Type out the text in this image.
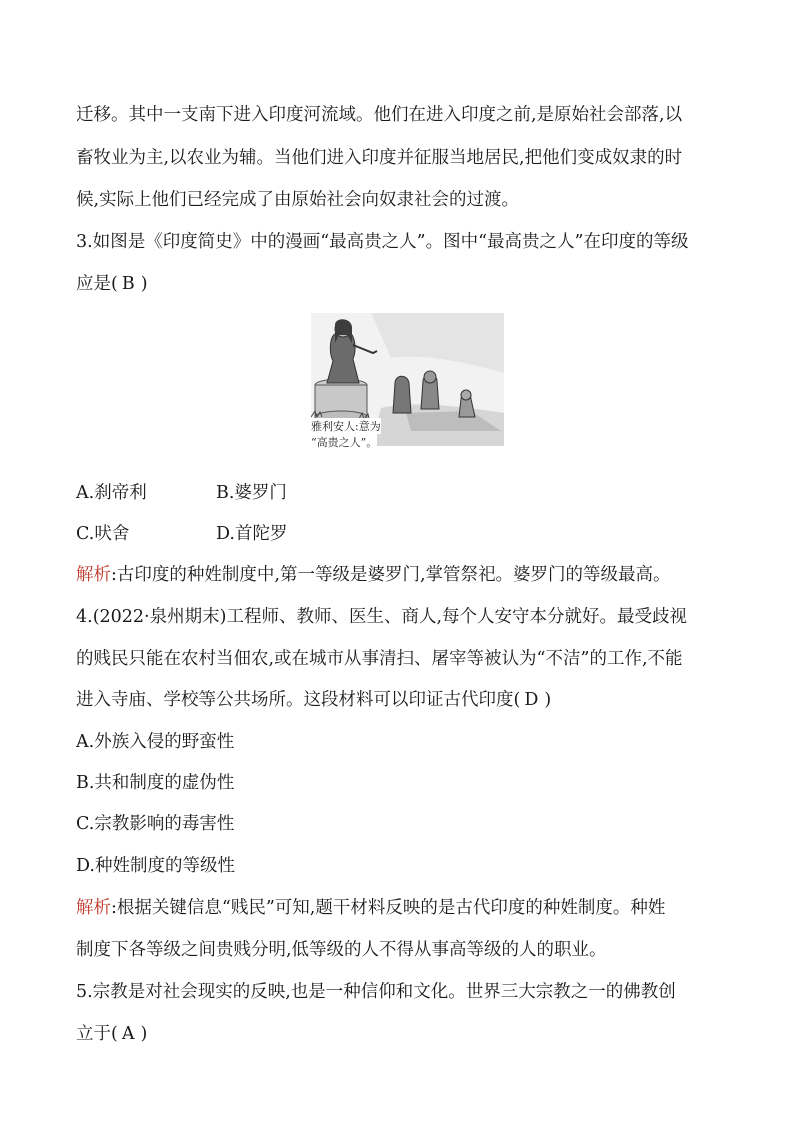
迁移。其中一支南下进入印度河流域。他们在进入印度之前,是原始社会部落,以
畜牧业为主,以农业为辅。当他们进入印度并征服当地居民,把他们变成奴隶的时
候,实际上他们已经完成了由原始社会向奴隶社会的过渡。
3.如图是《印度简史》中的漫画“最高贵之人”。图中“最高贵之人”在印度的等级
应是( B )
雅利安人:意为
“高贵之人”。
A.刹帝利	B.婆罗门
C.吠舍	D.首陀罗
解析:古印度的种姓制度中,第一等级是婆罗门,掌管祭祀。婆罗门的等级最高。
4.(2022·泉州期末)工程师、教师、医生、商人,每个人安守本分就好。最受歧视
的贱民只能在农村当佃农,或在城市从事清扫、屠宰等被认为“不洁”的工作,不能
进入寺庙、学校等公共场所。这段材料可以印证古代印度( D )
A.外族入侵的野蛮性
B.共和制度的虚伪性
C.宗教影响的毒害性
D.种姓制度的等级性
解析:根据关键信息“贱民”可知,题干材料反映的是古代印度的种姓制度。种姓
制度下各等级之间贵贱分明,低等级的人不得从事高等级的人的职业。
5.宗教是对社会现实的反映,也是一种信仰和文化。世界三大宗教之一的佛教创
立于( A )
